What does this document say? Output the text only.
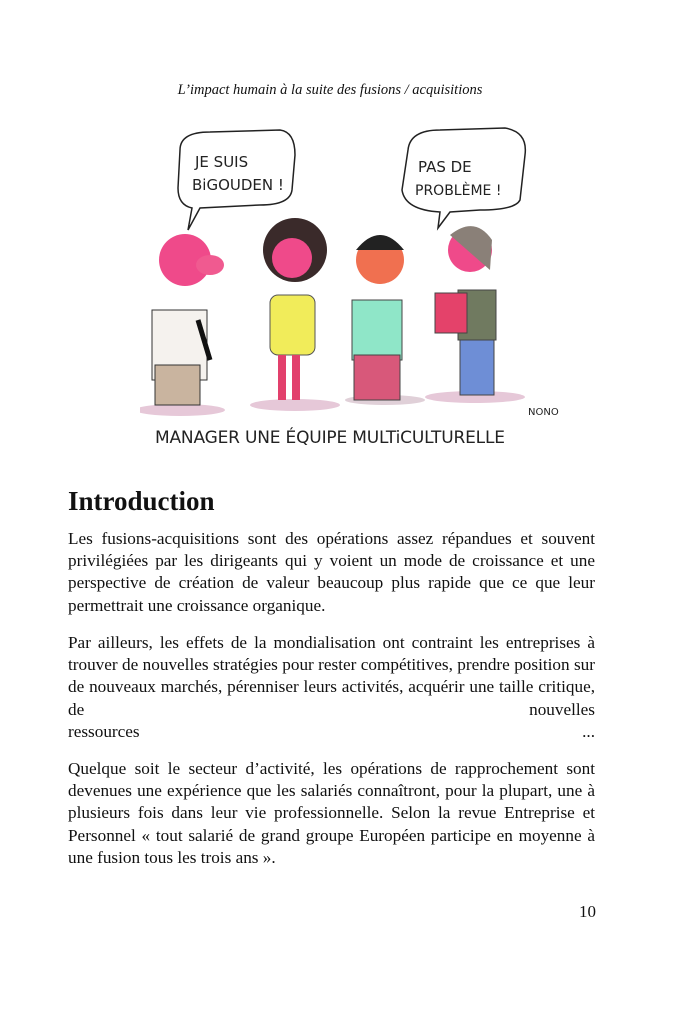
L’impact humain à la suite des fusions / acquisitions
JE SUIS
BiGOUDEN !
PAS DE
PROBLÈME !
NONO
MANAGER UNE ÉQUIPE MULTiCULTURELLE
Introduction

Les fusions-acquisitions sont des opérations assez répandues et souvent privilégiées par les dirigeants qui y voient un mode de croissance et une perspective de création de valeur beaucoup plus rapide que ce que leur permettrait une croissance organique.

Par ailleurs, les effets de la mondialisation ont contraint les entreprises à trouver de nouvelles stratégies pour rester compétitives, prendre position sur de nouveaux marchés, pérenniser leurs activités, acquérir une taille critique, de nouvelles

ressources	...

Quelque soit le secteur d’activité, les opérations de rapprochement sont devenues une expérience que les salariés connaîtront, pour la plupart, une à plusieurs fois dans leur vie professionnelle. Selon la revue Entreprise et Personnel « tout salarié de grand groupe Européen participe en moyenne à une fusion tous les trois ans ».

10
